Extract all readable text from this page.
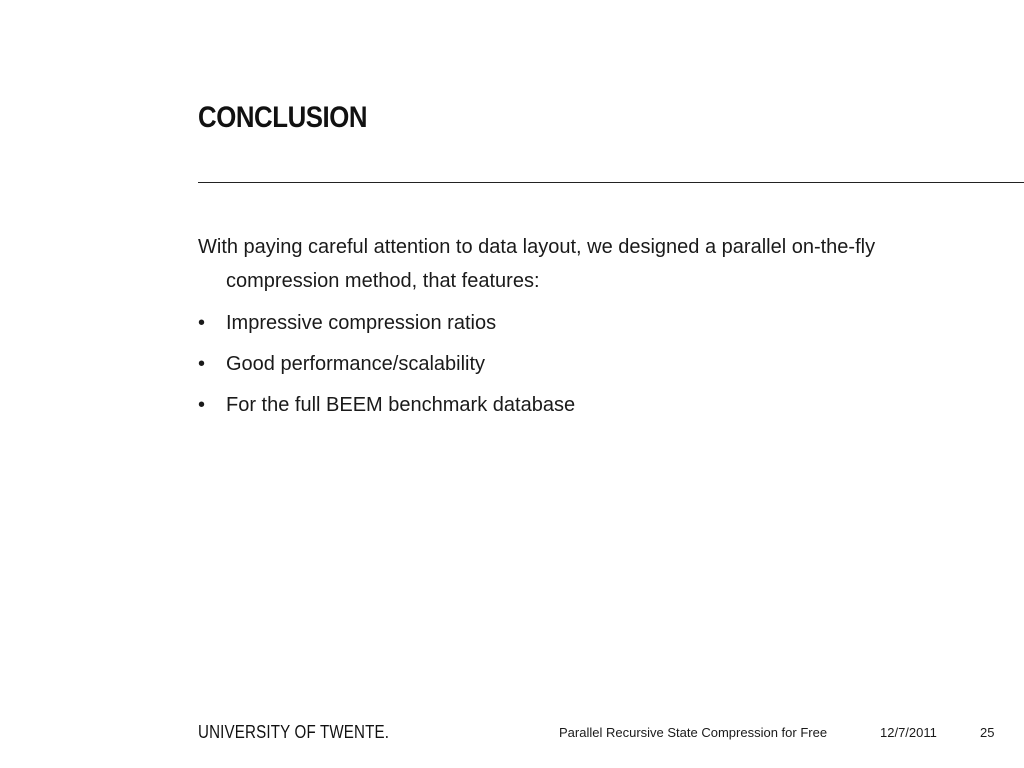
CONCLUSION

With paying careful attention to data layout, we designed a parallel on-the-fly compression method, that features:

•	Impressive compression ratios
•	Good performance/scalability
•	For the full BEEM benchmark database
UNIVERSITY OF TWENTE.	Parallel Recursive State Compression for Free	12/7/2011	25
